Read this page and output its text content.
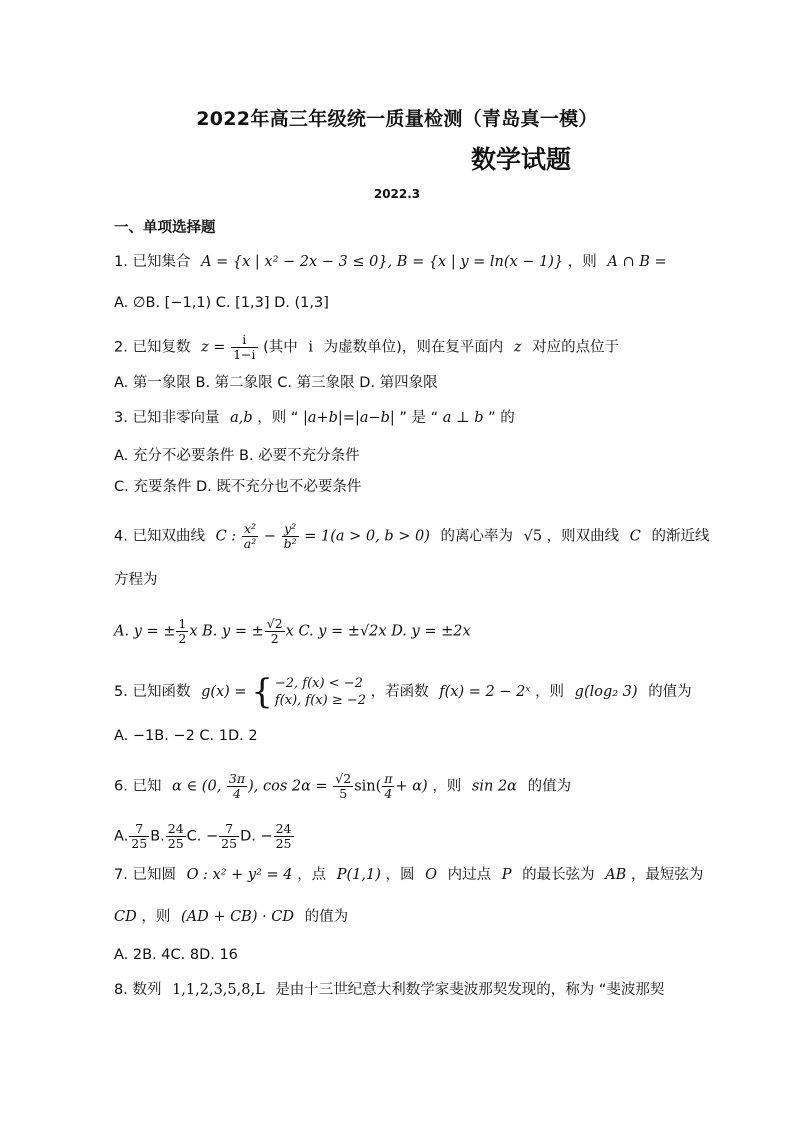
2022年高三年级统一质量检测（青岛真一模）
数学试题
2022.3
一、单项选择题
1. 已知集合 A = {x | x² − 2x − 3 ≤ 0}, B = {x | y = ln(x − 1)} ，则 A ∩ B =
A. ∅B. [−1,1) C. [1,3] D. (1,3]
2. 已知复数 $z = \frac{i}{1-i}$ (其中 i 为虚数单位)，则在复平面内 z 对应的点位于
A. 第一象限 B. 第二象限 C. 第三象限 D. 第四象限
3. 已知非零向量 a,b ，则 “ |a+b|=|a−b| ” 是 “ a ⊥ b ” 的
A. 充分不必要条件 B. 必要不充分条件
C. 充要条件 D. 既不充分也不必要条件
4. 已知双曲线 C : $\frac{\text{x²}}{\text{a²}} - \frac{\text{y²}}{\text{b²}} = 1(a > 0$, b > 0) 的离心率为 √5 ，则双曲线 C 的渐近线
方程为
A. y = ± $\frac{1}{2}$ x B. y = ± $\frac{√2}{2}$ x C. y = ±√2x D. y = ±2x
5. 已知函数 g(x) = { −2, f(x) < −2
f(x), f(x) ≥ −2
，若函数 f(x) = 2 − 2ˣ ，则 g(log₂ 3) 的值为
A. −1B. −2 C. 1D. 2
6. 已知 α ∈ (0, $\frac{3\pi}{4}$ ), $\cos 2\alpha = \frac{√2}{5} \sin( \frac{\pi}{4} + \alpha)$ ，则 sin 2α 的值为
A. $\frac{7}{25} B$. $\frac{24}{25} C$. − $\frac{7}{25} D$. − $\frac{24}{25}$
7. 已知圆 O : x² + y² = 4 ，点 P(1,1) ，圆 O 内过点 P 的最长弦为 AB ，最短弦为
CD ，则 (AD + CB) · CD 的值为
A. 2B. 4C. 8D. 16
8. 数列 1,1,2,3,5,8,L 是由十三世纪意大利数学家斐波那契发现的，称为 “斐波那契
